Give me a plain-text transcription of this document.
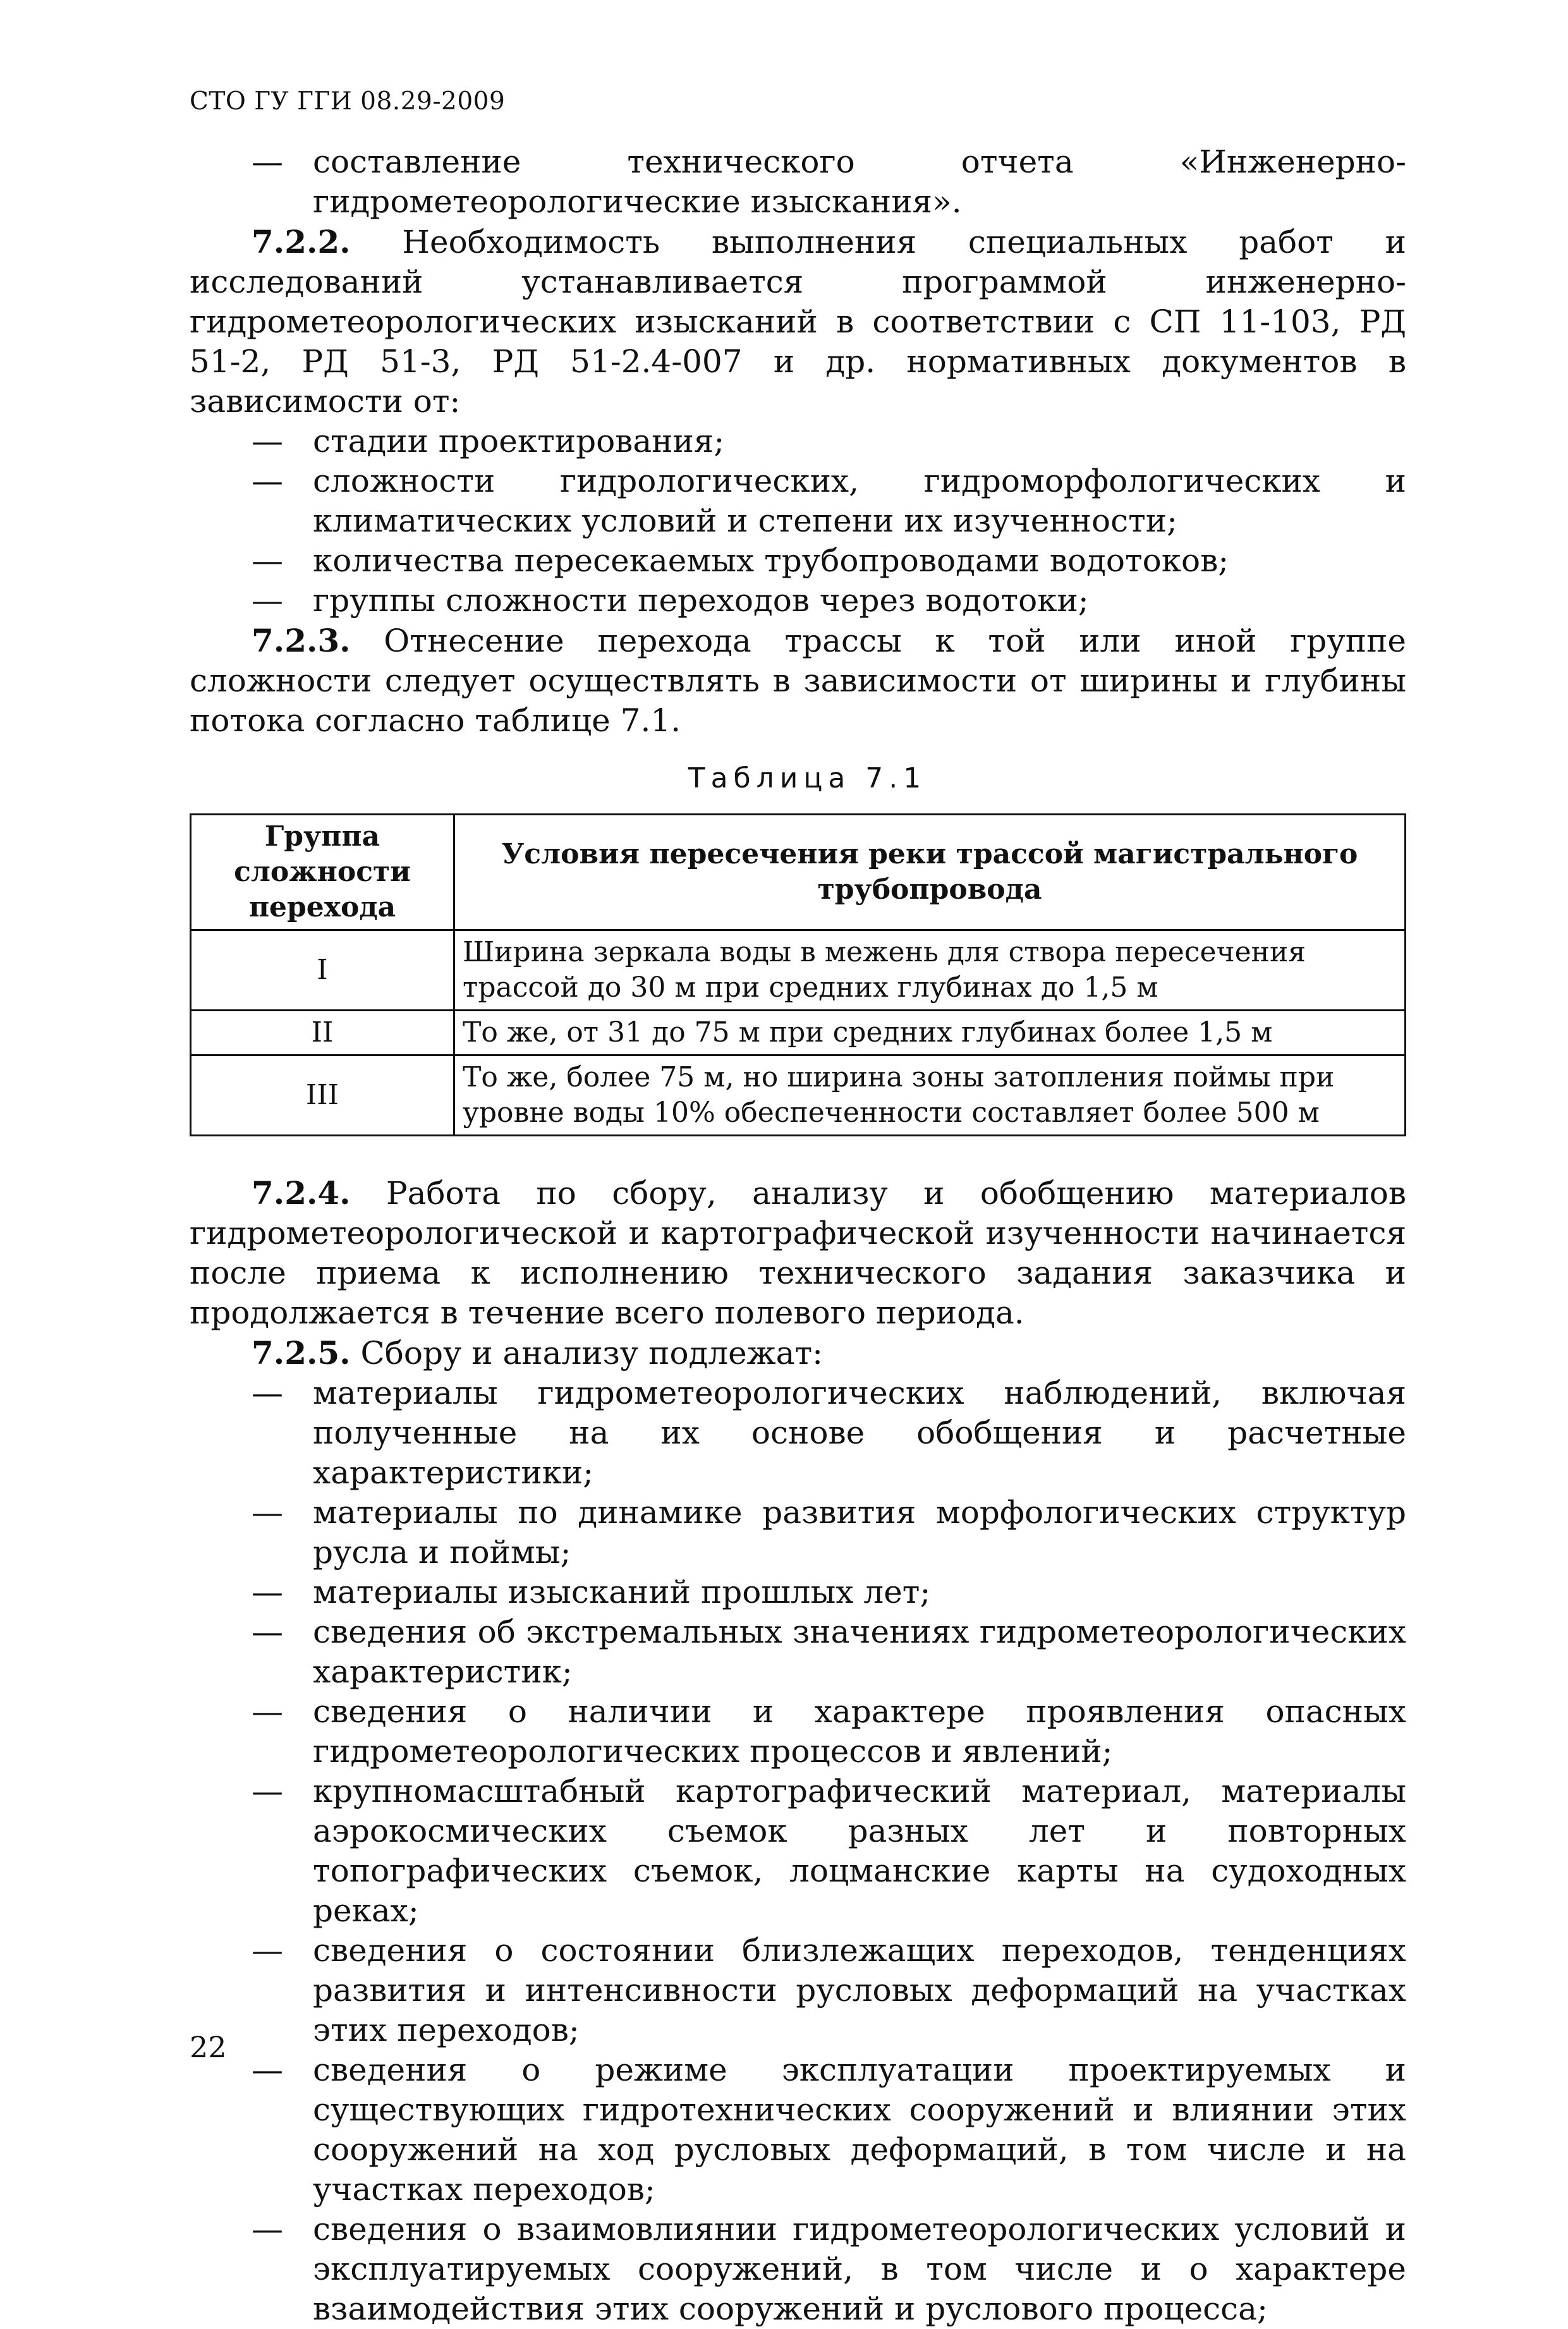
СТО ГУ ГГИ 08.29-2009
— составление технического отчета «Инженерно-гидрометеорологические изыскания».
7.2.2. Необходимость выполнения специальных работ и исследований устанавливается программой инженерно-гидрометеорологических изысканий в соответствии с СП 11-103, РД 51-2, РД 51-3, РД 51-2.4-007 и др. нормативных документов в зависимости от:
— стадии проектирования;
— сложности гидрологических, гидроморфологических и климатических условий и степени их изученности;
— количества пересекаемых трубопроводами водотоков;
— группы сложности переходов через водотоки;
7.2.3. Отнесение перехода трассы к той или иной группе сложности следует осуществлять в зависимости от ширины и глубины потока согласно таблице 7.1.
Таблица 7.1
Группа сложности перехода	Условия пересечения реки трассой магистрального трубопровода
I	Ширина зеркала воды в межень для створа пересечения трассой до 30 м при средних глубинах до 1,5 м
II	То же, от 31 до 75 м при средних глубинах более 1,5 м
III	То же, более 75 м, но ширина зоны затопления поймы при уровне воды 10% обеспеченности составляет более 500 м
7.2.4. Работа по сбору, анализу и обобщению материалов гидрометеорологической и картографической изученности начинается после приема к исполнению технического задания заказчика и продолжается в течение всего полевого периода.
7.2.5. Сбору и анализу подлежат:
— материалы гидрометеорологических наблюдений, включая полученные на их основе обобщения и расчетные характеристики;
— материалы по динамике развития морфологических структур русла и поймы;
— материалы изысканий прошлых лет;
— сведения об экстремальных значениях гидрометеорологических характеристик;
— сведения о наличии и характере проявления опасных гидрометеорологических процессов и явлений;
— крупномасштабный картографический материал, материалы аэрокосмических съемок разных лет и повторных топографических съемок, лоцманские карты на судоходных реках;
— сведения о состоянии близлежащих переходов, тенденциях развития и интенсивности русловых деформаций на участках этих переходов;
— сведения о режиме эксплуатации проектируемых и существующих гидротехнических сооружений и влиянии этих сооружений на ход русловых деформаций, в том числе и на участках переходов;
— сведения о взаимовлиянии гидрометеорологических условий и эксплуатируемых сооружений, в том числе и о характере взаимодействия этих сооружений и руслового процесса;
22
